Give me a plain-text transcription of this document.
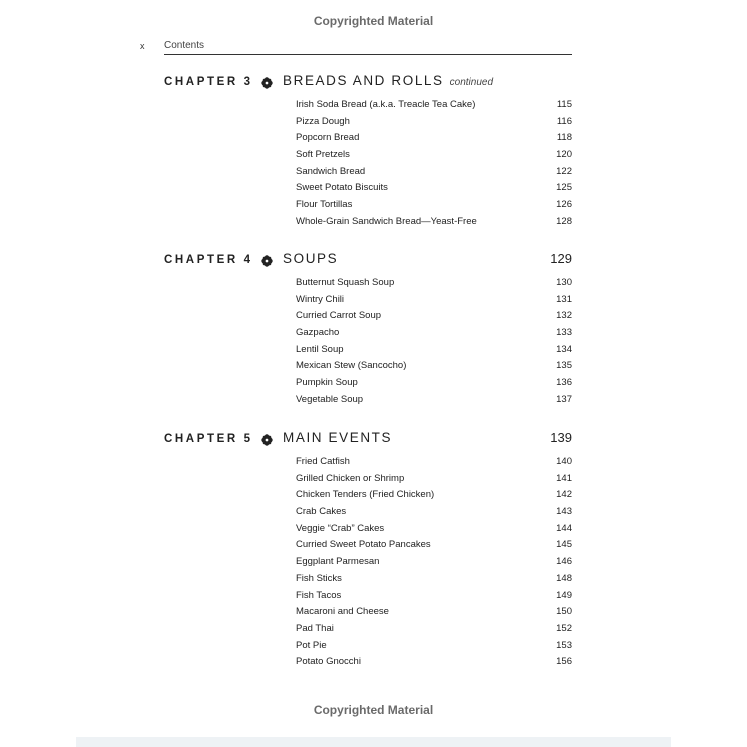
Copyrighted Material
x Contents
CHAPTER 3 BREADS AND ROLLS continued
Irish Soda Bread (a.k.a. Treacle Tea Cake)	115
Pizza Dough	116
Popcorn Bread	118
Soft Pretzels	120
Sandwich Bread	122
Sweet Potato Biscuits	125
Flour Tortillas	126
Whole-Grain Sandwich Bread—Yeast-Free	128
CHAPTER 4 SOUPS	129
Butternut Squash Soup	130
Wintry Chili	131
Curried Carrot Soup	132
Gazpacho	133
Lentil Soup	134
Mexican Stew (Sancocho)	135
Pumpkin Soup	136
Vegetable Soup	137
CHAPTER 5 MAIN EVENTS	139
Fried Catfish	140
Grilled Chicken or Shrimp	141
Chicken Tenders (Fried Chicken)	142
Crab Cakes	143
Veggie “Crab” Cakes	144
Curried Sweet Potato Pancakes	145
Eggplant Parmesan	146
Fish Sticks	148
Fish Tacos	149
Macaroni and Cheese	150
Pad Thai	152
Pot Pie	153
Potato Gnocchi	156
Copyrighted Material
